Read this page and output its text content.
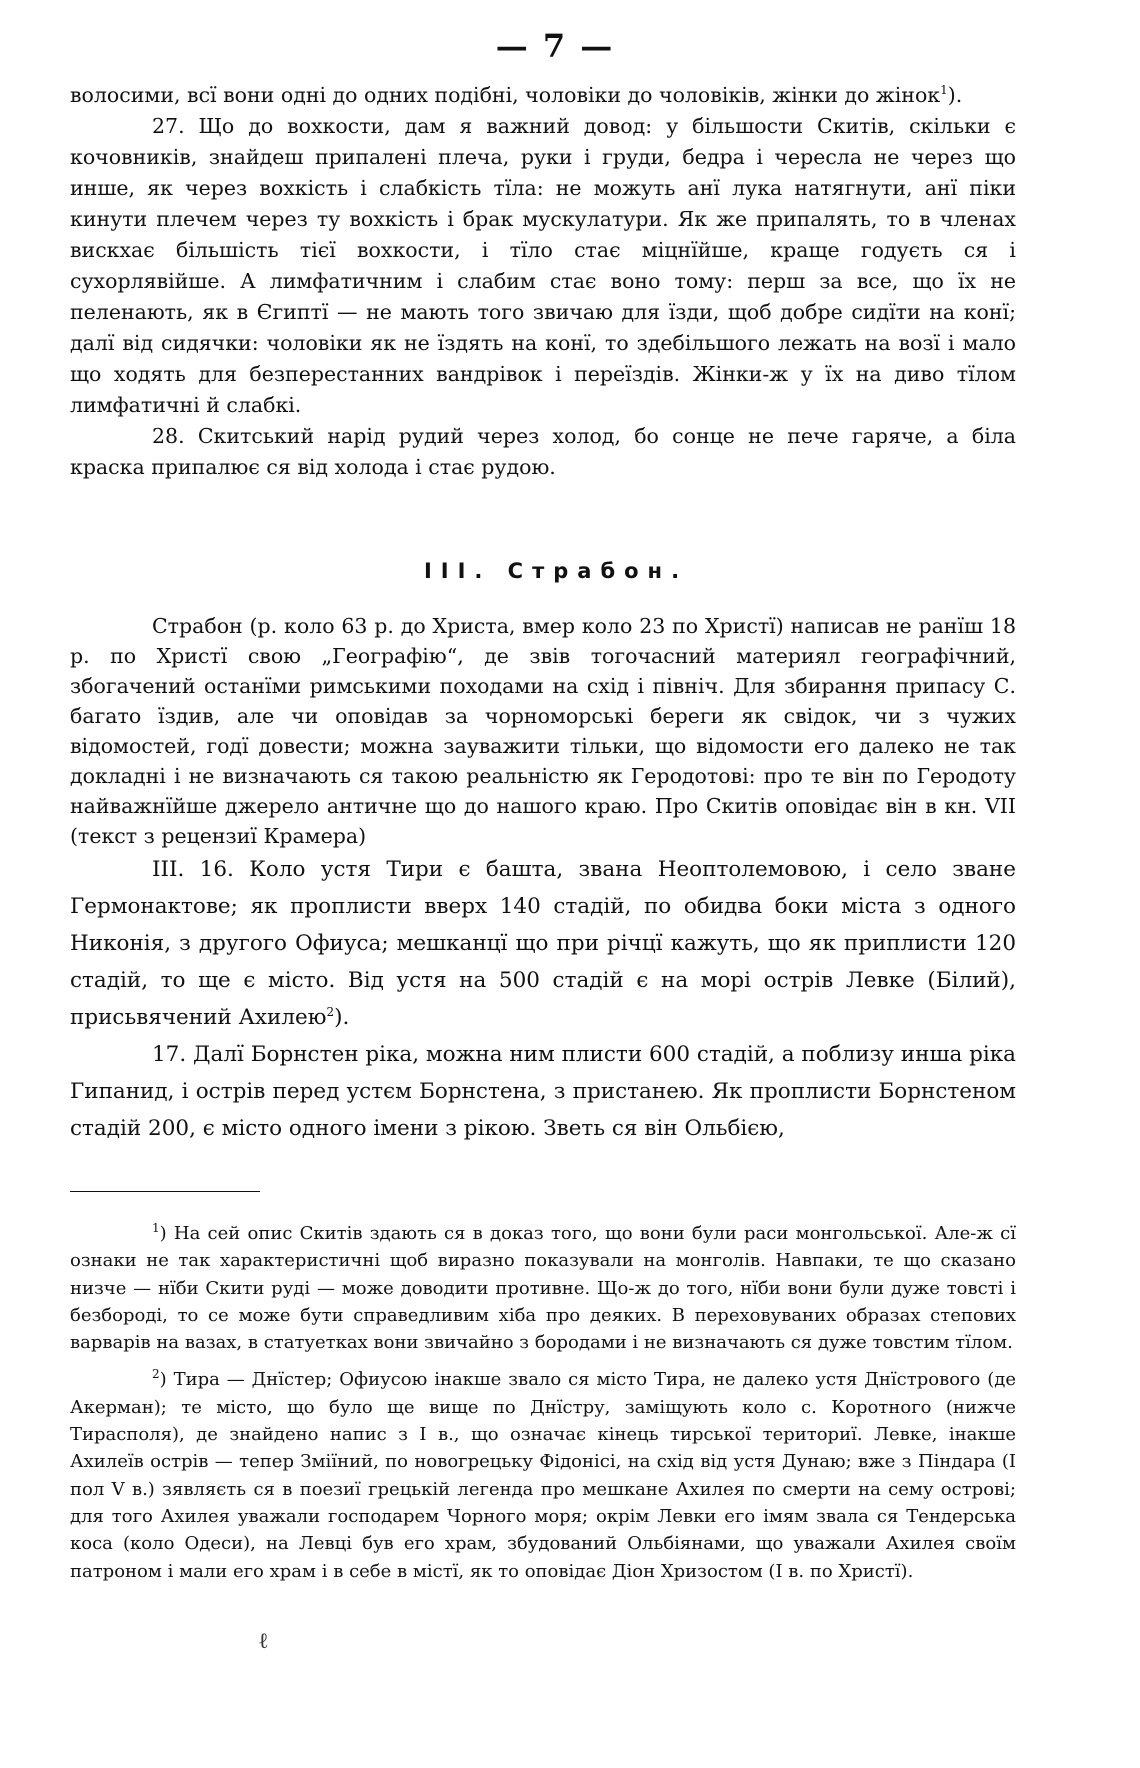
— 7 —

волосими, всї вони одні до одних подібні, чоловіки до чоловіків, жінки до жінок$^1$).

27. Що до вохкости, дам я важний довод: у більшости Скитів, скільки є кочовників, знайдеш припалені плеча, руки і груди, бедра і чересла не через що инше, як через вохкість і слабкість тїла: не можуть анї лука натягнути, анї піки кинути плечем через ту вохкість і брак мускулатури. Як же припалять, то в членах вискхає більшість тієї вохкости, і тїло стає міцнїйше, краще годуєть ся і сухорлявійше. А лимфатичним і слабим стає воно тому: перш за все, що їх не пеленають, як в Єгиптї — не мають того звичаю для їзди, щоб добре сидїти на конї; далї від сидячки: чоловіки як не їздять на конї, то здебільшого лежать на возї і мало що ходять для безперестанних вандрівок і переїздів. Жінки-ж у їх на диво тїлом лимфатичні й слабкі.

28. Скитський нарід рудий через холод, бо сонце не пече гаряче, а біла краска припалює ся від холода і стає рудою.

III. Страбон.

Страбон (р. коло 63 р. до Христа, вмер коло 23 по Христї) написав не ранїш 18 р. по Христї свою „Географію“, де звів тогочасний материял географічний, збогачений останїми римськими походами на схід і північ. Для збирання припасу С. багато їздив, але чи оповідав за чорноморські береги як свідок, чи з чужих відомостей, годї довести; можна зауважити тільки, що відомости его далеко не так докладні і не визначають ся такою реальністю як Геродотові: про те він по Геродоту найважнїйше джерело античне що до нашого краю. Про Скитів оповідає він в кн. VII (текст з рецензиї Крамера)

III. 16. Коло устя Тири є башта, звана Неоптолемовою, і село зване Гермонактове; як проплисти вверх 140 стадій, по обидва боки міста з одного Никонія, з другого Офиуса; мешканцї що при річцї кажуть, що як приплисти 120 стадій, то ще є місто. Від устя на 500 стадій є на морі острів Левке (Білий), присьвячений Ахилею$^2$).

17. Далї Борнстен ріка, можна ним плисти 600 стадій, а поблизу инша ріка Гипанид, і острів перед устєм Борнстена, з пристанею. Як проплисти Борнстеном стадій 200, є місто одного імени з рікою. Зветь ся він Ольбією,

$^1$) На сей опис Скитів здають ся в доказ того, що вони були раси монгольської. Але-ж сї ознаки не так характеристичні щоб виразно показували на монголів. Навпаки, те що сказано низче — нїби Скити руді — може доводити противне. Що-ж до того, нїби вони були дуже товсті і безбороді, то се може бути справедливим хіба про деяких. В переховуваних образах степових варварів на вазах, в статуетках вони звичайно з бородами і не визначають ся дуже товстим тїлом.

$^2$) Тира — Днїстер; Офиусою інакше звало ся місто Тира, не далеко устя Днїстрового (де Акерман); те місто, що було ще вище по Днїстру, заміщують коло с. Коротного (нижче Тирасполя), де знайдено напис з I в., що означає кінець тирської териториї. Левке, інакше Ахилеїв острів — тепер Зміїний, по новогрецьку Фідонісі, на схід від устя Дунаю; вже з Піндара (I пол V в.) зявляєть ся в поезиї грецькій легенда про мешкане Ахилея по смерти на сему острові; для того Ахилея уважали господарем Чорного моря; окрім Левки его імям звала ся Тендерська коса (коло Одеси), на Левці був его храм, збудований Ольбіянами, що уважали Ахилея своїм патроном і мали его храм і в себе в містї, як то оповідає Діон Хризостом (I в. по Христї).

ℓ
